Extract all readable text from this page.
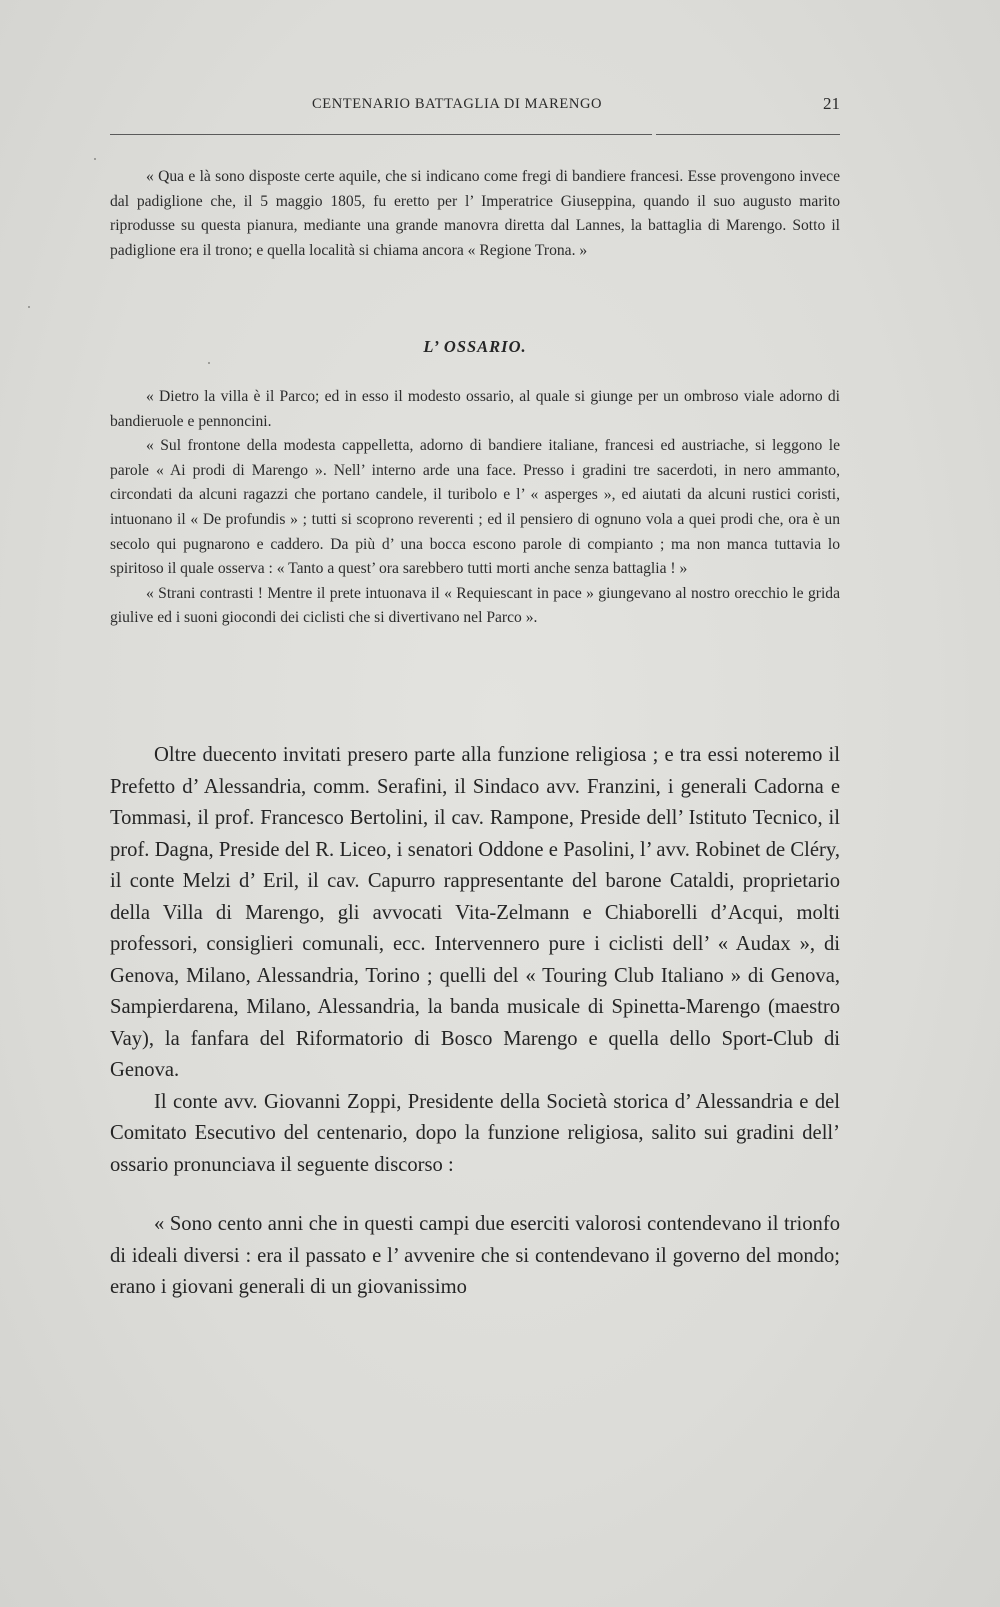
CENTENARIO BATTAGLIA DI MARENGO	21

« Qua e là sono disposte certe aquile, che si indicano come fregi di bandiere francesi. Esse provengono invece dal padiglione che, il 5 maggio 1805, fu eretto per l’ Imperatrice Giuseppina, quando il suo augusto marito riprodusse su questa pianura, mediante una grande manovra diretta dal Lannes, la battaglia di Marengo. Sotto il padiglione era il trono; e quella località si chiama ancora « Regione Trona. »

L’ OSSARIO.

« Dietro la villa è il Parco; ed in esso il modesto ossario, al quale si giunge per un ombroso viale adorno di bandieruole e pennoncini.

« Sul frontone della modesta cappelletta, adorno di bandiere italiane, francesi ed austriache, si leggono le parole « Ai prodi di Marengo ». Nell’ interno arde una face. Presso i gradini tre sacerdoti, in nero ammanto, circondati da alcuni ragazzi che portano candele, il turibolo e l’ « asperges », ed aiutati da alcuni rustici coristi, intuonano il « De profundis » ; tutti si scoprono reverenti ; ed il pensiero di ognuno vola a quei prodi che, ora è un secolo qui pugnarono e caddero. Da più d’ una bocca escono parole di compianto ; ma non manca tuttavia lo spiritoso il quale osserva : « Tanto a quest’ ora sarebbero tutti morti anche senza battaglia ! »

« Strani contrasti ! Mentre il prete intuonava il « Requiescant in pace » giungevano al nostro orecchio le grida giulive ed i suoni giocondi dei ciclisti che si divertivano nel Parco ».

Oltre duecento invitati presero parte alla funzione religiosa ; e tra essi noteremo il Prefetto d’ Alessandria, comm. Serafini, il Sindaco avv. Franzini, i generali Cadorna e Tommasi, il prof. Francesco Bertolini, il cav. Rampone, Preside dell’ Istituto Tecnico, il prof. Dagna, Preside del R. Liceo, i senatori Oddone e Pasolini, l’ avv. Robinet de Cléry, il conte Melzi d’ Eril, il cav. Capurro rappresentante del barone Cataldi, proprietario della Villa di Marengo, gli avvocati Vita-Zelmann e Chiaborelli d’Acqui, molti professori, consiglieri comunali, ecc. Intervennero pure i ciclisti dell’ « Audax », di Genova, Milano, Alessandria, Torino ; quelli del « Touring Club Italiano » di Genova, Sampierdarena, Milano, Alessandria, la banda musicale di Spinetta-Marengo (maestro Vay), la fanfara del Riformatorio di Bosco Marengo e quella dello Sport-Club di Genova.

Il conte avv. Giovanni Zoppi, Presidente della Società storica d’ Alessandria e del Comitato Esecutivo del centenario, dopo la funzione religiosa, salito sui gradini dell’ ossario pronunciava il seguente discorso :

« Sono cento anni che in questi campi due eserciti valorosi contendevano il trionfo di ideali diversi : era il passato e l’ avvenire che si contendevano il governo del mondo; erano i giovani generali di un giovanissimo
